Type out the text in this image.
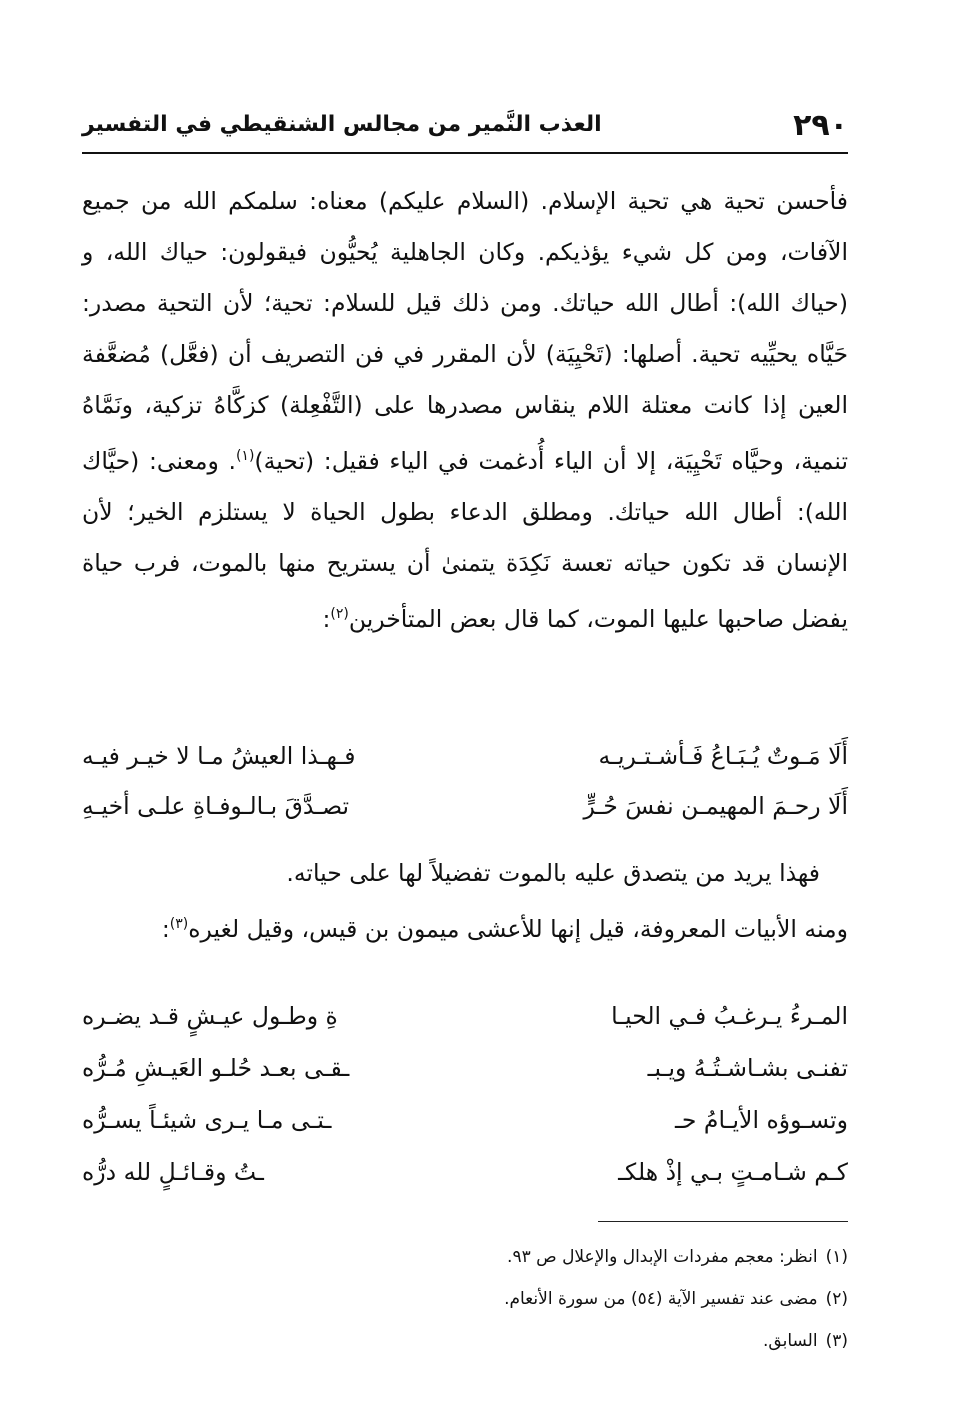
٢٩٠
العذب النَّمير من مجالس الشنقيطي في التفسير

فأحسن تحية هي تحية الإسلام. (السلام عليكم) معناه: سلمكم الله من جميع الآفات، ومن كل شيء يؤذيكم. وكان الجاهلية يُحيُّون فيقولون: حياك الله، و (حياك الله): أطال الله حياتك. ومن ذلك قيل للسلام: تحية؛ لأن التحية مصدر: حَيَّاه يحيِّيه تحية. أصلها: (تَحْيِيَة) لأن المقرر في فن التصريف أن (فعَّل) مُضعَّفة العين إذا كانت معتلة اللام ينقاس مصدرها على (التَّفْعِلة) كزكَّاهُ تزكية، ونَمَّاهُ تنمية، وحيَّاه تَحْيِيَة، إلا أن الياء أُدغمت في الياء فقيل: (تحية)$^{(١)}$. ومعنى: (حيَّاك الله): أطال الله حياتك. ومطلق الدعاء بطول الحياة لا يستلزم الخير؛ لأن الإنسان قد تكون حياته تعسة نَكِدَة يتمنىٰ أن يستريح منها بالموت، فرب حياة يفضل صاحبها عليها الموت، كما قال بعض المتأخرين$^{(٢)}$:

أَلَا مَـوتٌ يُـبَـاعُ فَـأشـتـريـه
فـهـذا العيشُ مـا لا خيـر فيـه
أَلَا رحـمَ المهيمـن نفسَ حُـرٍّ
تصـدَّقَ بـالـوفـاةِ علـى أخيـهِ

فهذا يريد من يتصدق عليه بالموت تفضيلاً لها على حياته.

ومنه الأبيات المعروفة، قيل إنها للأعشى ميمون بن قيس، وقيل لغيره$^{(٣)}$:

المـرءُ يـرغـبُ فـي الحيـا
ةِ وطـول عيـشٍ قـد يضـره
تفنـى بشـاشـتُـهُ ويـبـ
ـقـى بعـد حُلـو العَيـشِ مُـرُّه
وتسـوؤه الأيـامُ حـ
ـتـى مـا يـرى شيئـاً يسـرُّه
كـم شـامـتٍ بـي إذْ هلكـ
ـتُ وقـائـلٍ لله درُّه
(١)انظر: معجم مفردات الإبدال والإعلال ص ٩٣.
(٢)مضى عند تفسير الآية (٥٤) من سورة الأنعام.
(٣)السابق.
